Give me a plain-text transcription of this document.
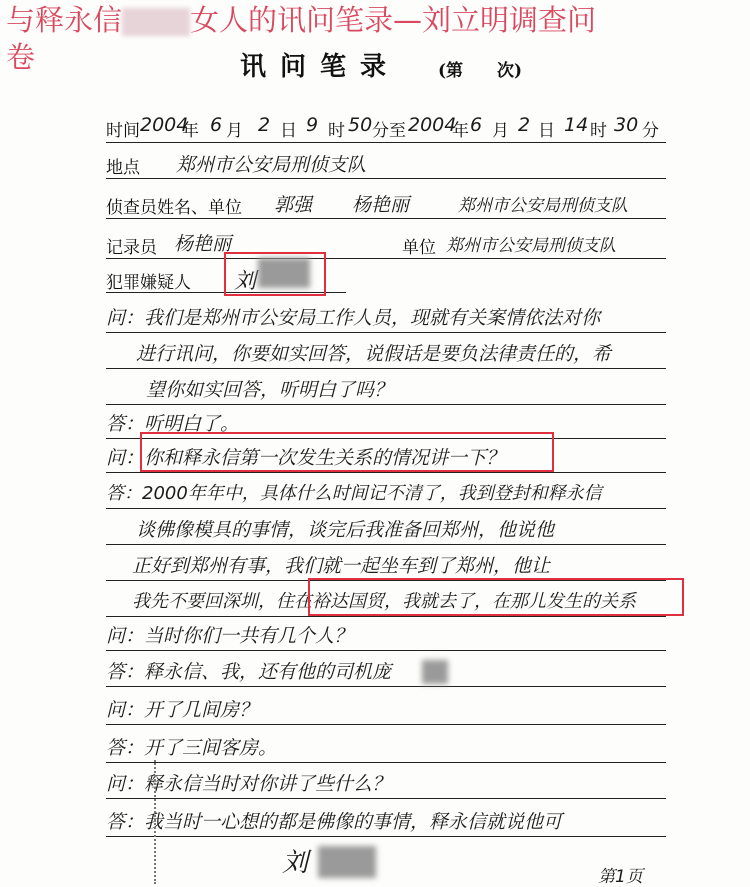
与释永信 女人的讯问笔录—刘立明调查问
卷	讯问笔录 (第 次)
时间 2004
年 6 月 2 日 9 时 50 分至 2004
年 6 月 2 日 14 时 30 分
地点 郑州市公安局刑侦支队
侦查员姓名、单位 郭强 杨艳丽	郑州市公安局刑侦支队
记录员 杨艳丽	单位 郑州市公安局刑侦支队
犯罪嫌疑人 刘
问：我们是郑州市公安局工作人员，现就有关案情依法对你
进行讯问，你要如实回答，说假话是要负法律责任的，希
望你如实回答，听明白了吗？
答：听明白了。
问：你和释永信第一次发生关系的情况讲一下？
答：2000年年中，具体什么时间记不清了，我到登封和释永信
谈佛像模具的事情，谈完后我准备回郑州，他说他
正好到郑州有事，我们就一起坐车到了郑州，他让
我先不要回深圳，住在裕达国贸，我就去了，在那儿发生的关系
问：当时你们一共有几个人？
答：释永信、我，还有他的司机庞
问：开了几间房？
答：开了三间客房。
问：释永信当时对你讲了些什么？
答：我当时一心想的都是佛像的事情，释永信就说他可
刘	第1页
